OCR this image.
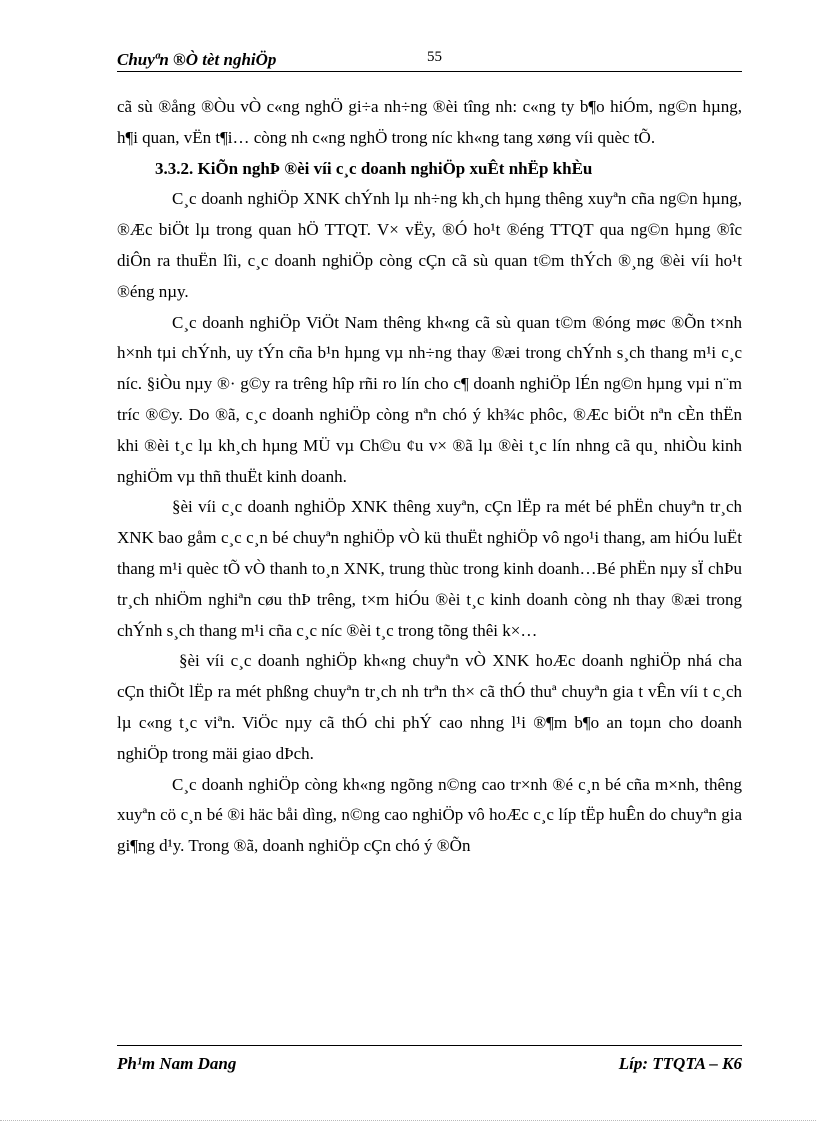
Chuyªn ®Ò tèt nghiÖp	55

cã sù ®ång ®Òu vÒ c«ng nghÖ gi÷a nh÷ng ®èi tîng nh: c«ng ty b¶o hiÓm, ng©n hµng, h¶i quan, vËn t¶i… còng nh c«ng nghÖ trong níc kh«ng tang xøng víi quèc tÕ.

3.3.2. KiÕn nghÞ ®èi víi c¸c doanh nghiÖp xuÊt nhËp khÈu

C¸c doanh nghiÖp XNK chÝnh lµ nh÷ng kh¸ch hµng thêng xuyªn cña ng©n hµng, ®Æc biÖt lµ trong quan hÖ TTQT. V× vËy, ®Ó ho¹t ®éng TTQT qua ng©n hµng ®îc diÔn ra thuËn lîi, c¸c doanh nghiÖp còng cÇn cã sù quan t©m thÝch ®¸ng ®èi víi ho¹t ®éng nµy.

C¸c doanh nghiÖp ViÖt Nam thêng kh«ng cã sù quan t©m ®óng møc ®Õn t×nh h×nh tµi chÝnh, uy tÝn cña b¹n hµng vµ nh÷ng thay ®æi trong chÝnh s¸ch thang m¹i c¸c níc. §iÒu nµy ®· g©y ra trêng hîp rñi ro lín cho c¶ doanh nghiÖp lÉn ng©n hµng vµi n¨m tríc ®©y. Do ®ã, c¸c doanh nghiÖp còng nªn chó ý kh¾c phôc, ®Æc biÖt nªn cÈn thËn khi ®èi t¸c lµ kh¸ch hµng MÜ vµ Ch©u ¢u v× ®ã lµ ®èi t¸c lín nhng cã qu¸ nhiÒu kinh nghiÖm vµ thñ thuËt kinh doanh.

§èi víi c¸c doanh nghiÖp XNK thêng xuyªn, cÇn lËp ra mét bé phËn chuyªn tr¸ch XNK bao gåm c¸c c¸n bé chuyªn nghiÖp vÒ kü thuËt nghiÖp vô ngo¹i thang, am hiÓu luËt thang m¹i quèc tÕ vÒ thanh to¸n XNK, trung thùc trong kinh doanh…Bé phËn nµy sÏ chÞu tr¸ch nhiÖm nghiªn cøu thÞ trêng, t×m hiÓu ®èi t¸c kinh doanh còng nh thay ®æi trong chÝnh s¸ch thang m¹i cña c¸c níc ®èi t¸c trong tõng thêi k×…

§èi víi c¸c doanh nghiÖp kh«ng chuyªn vÒ XNK hoÆc doanh nghiÖp nhá cha cÇn thiÕt lËp ra mét phßng chuyªn tr¸ch nh trªn th× cã thÓ thuª chuyªn gia t vÊn víi t c¸ch lµ c«ng t¸c viªn. ViÖc nµy cã thÓ chi phÝ cao nhng l¹i ®¶m b¶o an toµn cho doanh nghiÖp trong mäi giao dÞch.

C¸c doanh nghiÖp còng kh«ng ngõng n©ng cao tr×nh ®é c¸n bé cña m×nh, thêng xuyªn cö c¸n bé ®i häc båi dìng, n©ng cao nghiÖp vô hoÆc c¸c líp tËp huÊn do chuyªn gia gi¶ng d¹y. Trong ®ã, doanh nghiÖp cÇn chó ý ®Õn

Ph¹m Nam Dang	Líp: TTQTA – K6
